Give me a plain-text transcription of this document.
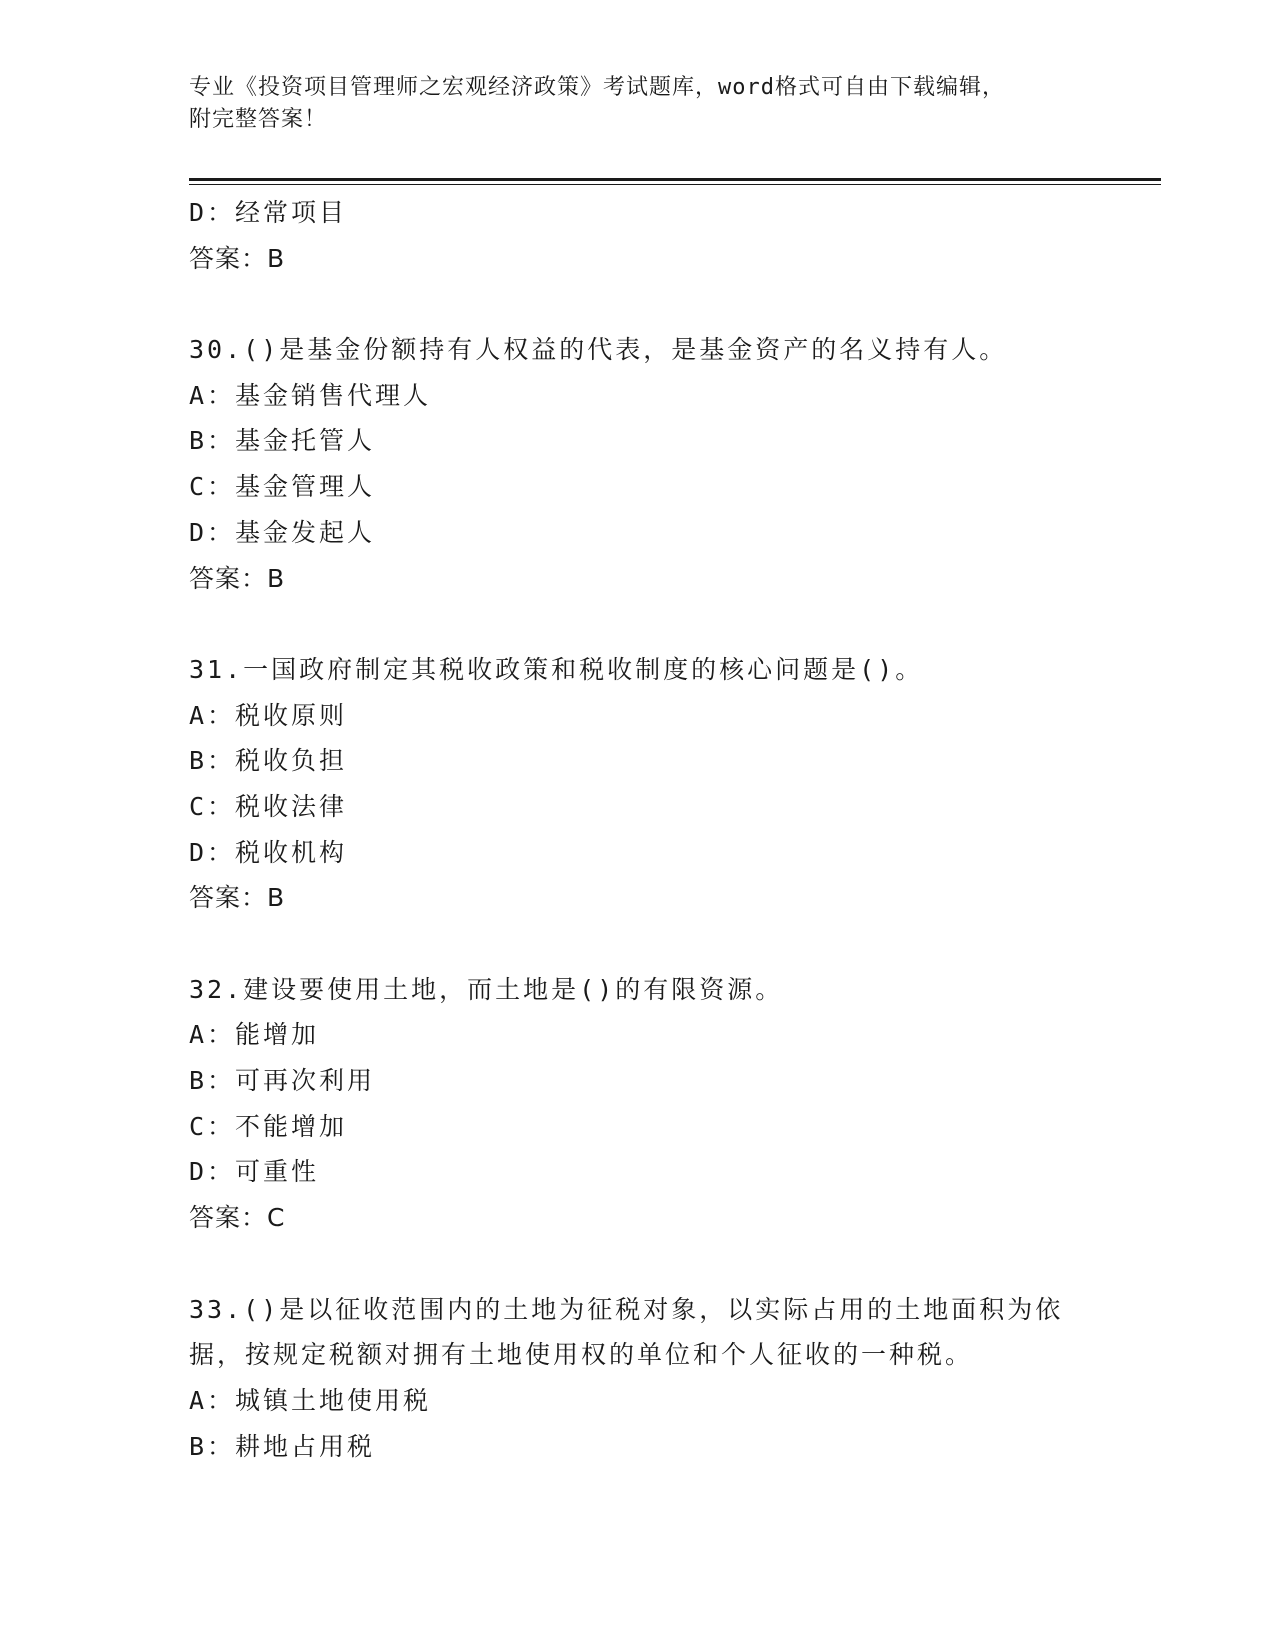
专业《投资项目管理师之宏观经济政策》考试题库，word格式可自由下载编辑，
附完整答案！
D：经常项目
答案：B
30.()是基金份额持有人权益的代表，是基金资产的名义持有人。
A：基金销售代理人
B：基金托管人
C：基金管理人
D：基金发起人
答案：B
31.一国政府制定其税收政策和税收制度的核心问题是()。
A：税收原则
B：税收负担
C：税收法律
D：税收机构
答案：B
32.建设要使用土地，而土地是()的有限资源。
A：能增加
B：可再次利用
C：不能增加
D：可重性
答案：C
33.()是以征收范围内的土地为征税对象，以实际占用的土地面积为依
据，按规定税额对拥有土地使用权的单位和个人征收的一种税。
A：城镇土地使用税
B：耕地占用税
